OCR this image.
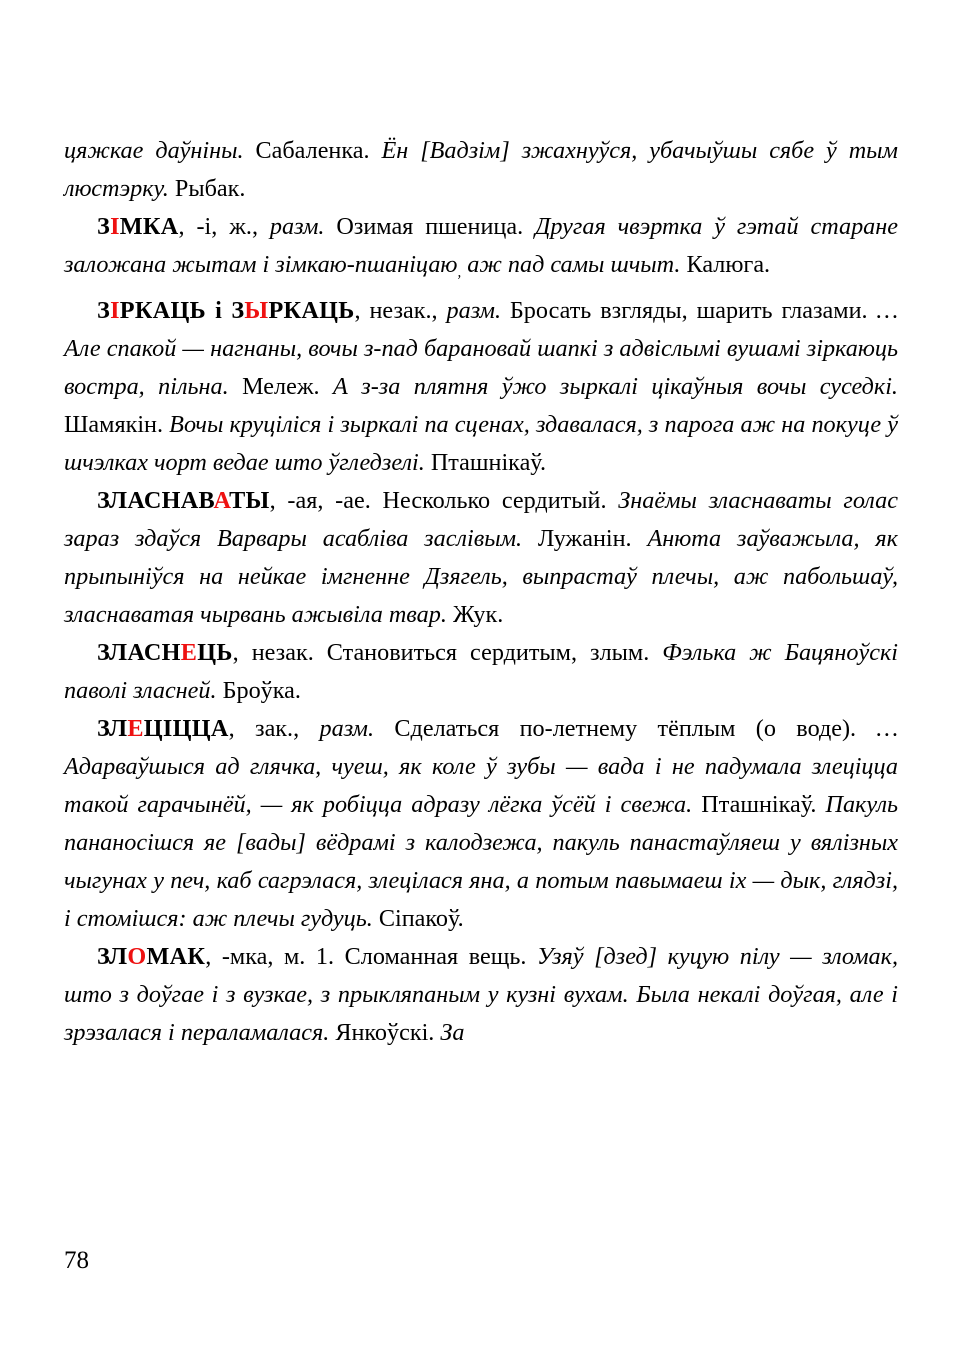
цяжкае даўніны. Сабаленка. Ён [Вадзім] зжахнуўся, убачыўшы сябе ў тым люстэрку. Рыбак.

ЗІМКА, -і, ж., разм. Озимая пшеница. Другая чвэртка ў гэтай старане заложана жытам і зімкаю-пшаніцаю, аж пад самы шчыт. Калюга.

ЗІРКАЦЬ і ЗЫРКАЦЬ, незак., разм. Бросать взгляды, шарить глазами. …Але спакой — нагнаны, вочы з-пад барановай шапкі з адвіслымі вушамі зіркаюць востра, пільна. Мележ. А з-за плятня ўжо зыркалі цікаўныя вочы суседкі. Шамякін. Вочы круціліся і зыркалі па сценах, здавалася, з парога аж на покуце ў шчэлках чорт ведае што ўгледзелі. Пташнікаў.

ЗЛАСНАВАТЫ, -ая, -ае. Несколько сердитый. Знаёмы зласнаваты голас зараз здаўся Варвары асабліва заслівым. Лужанін. Анюта заўважыла, як прыпыніўся на нейкае імгненне Дзягель, выпрастаў плечы, аж пабольшаў, зласнаватая чырвань ажывіла твар. Жук.

ЗЛАСНЕЦЬ, незак. Становиться сердитым, злым. Фэлька ж Бацяноўскі паволі злаcней. Броўка.

ЗЛЕЦІЦЦА, зак., разм. Сделаться по-летнему тёплым (о воде). …Адарваўшыся ад глячка, чуеш, як коле ў зубы — вада і не падумала злеціцца такой гарачынёй, — як робіцца адразу лёгка ўсёй і свежа. Пташнікаў. Пакуль пананосішся яе [вады] вёдрамі з калодзежа, пакуль панастаўляеш у вялізных чыгунах у печ, каб сагрэлася, злецілася яна, а потым павымаеш іх — дык, глядзі, і стомішся: аж плечы гудуць. Сіпакоў.

ЗЛОМАК, -мка, м. 1. Сломанная вещь. Узяў [дзед] куцую пілу — зломак, што з доўгае і з вузкае, з прыкляпаным у кузні вухам. Была некалі доўгая, але і зрэзалася і пераламалася. Янкоўскі. За

78
